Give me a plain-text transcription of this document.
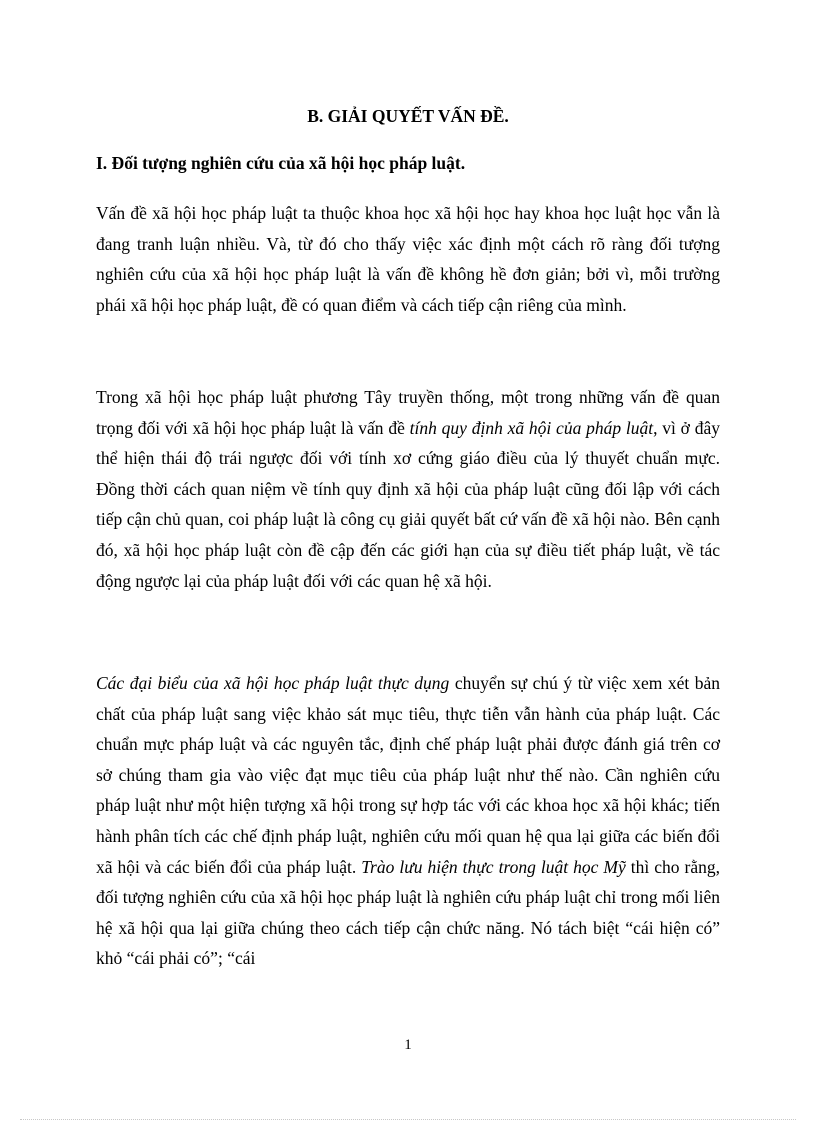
B. GIẢI QUYẾT VẤN ĐỀ.
I. Đối tượng nghiên cứu của xã hội học pháp luật.

Vấn đề xã hội học pháp luật ta thuộc khoa học xã hội học hay khoa học luật học vẫn là đang tranh luận nhiều. Và, từ đó cho thấy việc xác định một cách rõ ràng đối tượng nghiên cứu của xã hội học pháp luật là vấn đề không hề đơn giản; bởi vì, mỗi trường phái xã hội học pháp luật, đề có quan điểm và cách tiếp cận riêng của mình.

Trong xã hội học pháp luật phương Tây truyền thống, một trong những vấn đề quan trọng đối với xã hội học pháp luật là vấn đề tính quy định xã hội của pháp luật, vì ở đây thể hiện thái độ trái ngược đối với tính xơ cứng giáo điều của lý thuyết chuẩn mực. Đồng thời cách quan niệm về tính quy định xã hội của pháp luật cũng đối lập với cách tiếp cận chủ quan, coi pháp luật là công cụ giải quyết bất cứ vấn đề xã hội nào. Bên cạnh đó, xã hội học pháp luật còn đề cập đến các giới hạn của sự điều tiết pháp luật, về tác động ngược lại của pháp luật đối với các quan hệ xã hội.

Các đại biểu của xã hội học pháp luật thực dụng chuyển sự chú ý từ việc xem xét bản chất của pháp luật sang việc khảo sát mục tiêu, thực tiễn vẫn hành của pháp luật. Các chuẩn mực pháp luật và các nguyên tắc, định chế pháp luật phải được đánh giá trên cơ sở chúng tham gia vào việc đạt mục tiêu của pháp luật như thế nào. Cần nghiên cứu pháp luật như một hiện tượng xã hội trong sự hợp tác với các khoa học xã hội khác; tiến hành phân tích các chế định pháp luật, nghiên cứu mối quan hệ qua lại giữa các biến đổi xã hội và các biến đổi của pháp luật. Trào lưu hiện thực trong luật học Mỹ thì cho rằng, đối tượng nghiên cứu của xã hội học pháp luật là nghiên cứu pháp luật chỉ trong mối liên hệ xã hội qua lại giữa chúng theo cách tiếp cận chức năng. Nó tách biệt “cái hiện có” khỏ “cái phải có”; “cái

1
